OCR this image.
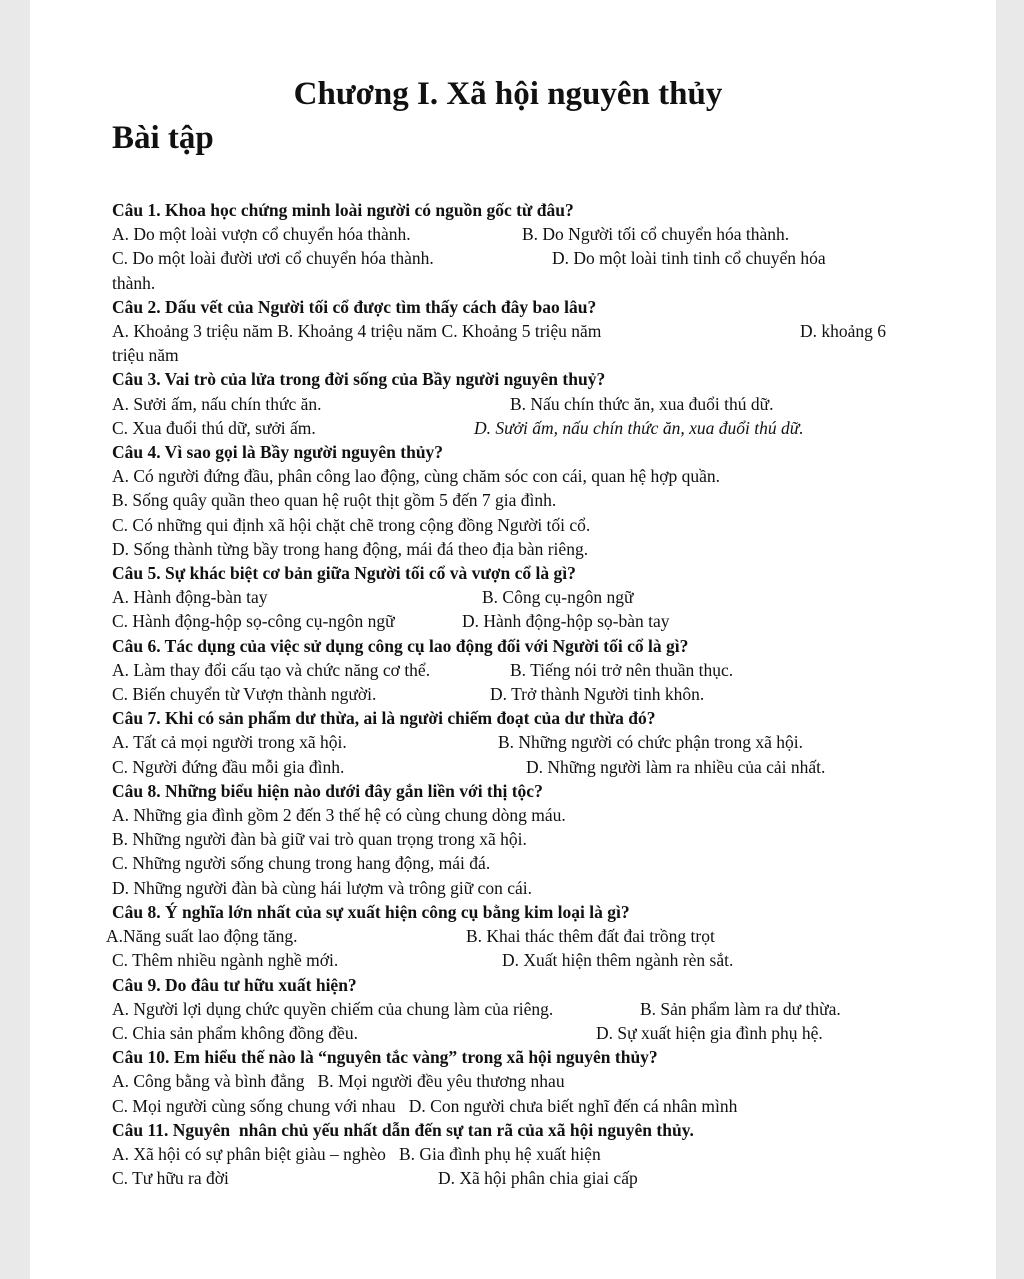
Chương I. Xã hội nguyên thủy
Bài tập
Câu 1. Khoa học chứng minh loài người có nguồn gốc từ đâu?
A. Do một loài vượn cổ chuyển hóa thành.	B. Do Người tối cổ chuyển hóa thành.
C. Do một loài đười ươi cổ chuyển hóa thành.	D. Do một loài tinh tinh cổ chuyển hóa
thành.
Câu 2. Dấu vết của Người tối cổ được tìm thấy cách đây bao lâu?
A. Khoảng 3 triệu năm B. Khoảng 4 triệu năm C. Khoảng 5 triệu năm	D. khoảng 6
triệu năm
Câu 3. Vai trò của lửa trong đời sống của Bầy người nguyên thuỷ?
A. Sưởi ấm, nấu chín thức ăn.	B. Nấu chín thức ăn, xua đuổi thú dữ.
C. Xua đuổi thú dữ, sưởi ấm.	D. Sưởi ấm, nấu chín thức ăn, xua đuổi thú dữ.
Câu 4. Vì sao gọi là Bầy người nguyên thủy?
A. Có người đứng đầu, phân công lao động, cùng chăm sóc con cái, quan hệ hợp quần.
B. Sống quây quần theo quan hệ ruột thịt gồm 5 đến 7 gia đình.
C. Có những qui định xã hội chặt chẽ trong cộng đồng Người tối cổ.
D. Sống thành từng bầy trong hang động, mái đá theo địa bàn riêng.
Câu 5. Sự khác biệt cơ bản giữa Người tối cổ và vượn cổ là gì?
A. Hành động-bàn tay	B. Công cụ-ngôn ngữ
C. Hành động-hộp sọ-công cụ-ngôn ngữ	D. Hành động-hộp sọ-bàn tay
Câu 6. Tác dụng của việc sử dụng công cụ lao động đối với Người tối cổ là gì?
A. Làm thay đổi cấu tạo và chức năng cơ thể.	B. Tiếng nói trở nên thuần thục.
C. Biến chuyển từ Vượn thành người.	D. Trở thành Người tinh khôn.
Câu 7. Khi có sản phẩm dư thừa, ai là người chiếm đoạt của dư thừa đó?
A. Tất cả mọi người trong xã hội.	B. Những người có chức phận trong xã hội.
C. Người đứng đầu mỗi gia đình.	D. Những người làm ra nhiều của cải nhất.
Câu 8. Những biểu hiện nào dưới đây gắn liền với thị tộc?
A. Những gia đình gồm 2 đến 3 thế hệ có cùng chung dòng máu.
B. Những người đàn bà giữ vai trò quan trọng trong xã hội.
C. Những người sống chung trong hang động, mái đá.
D. Những người đàn bà cùng hái lượm và trông giữ con cái.
Câu 8. Ý nghĩa lớn nhất của sự xuất hiện công cụ bằng kim loại là gì?
A.Năng suất lao động tăng.	B. Khai thác thêm đất đai trồng trọt
C. Thêm nhiều ngành nghề mới.	D. Xuất hiện thêm ngành rèn sắt.
Câu 9. Do đâu tư hữu xuất hiện?
A. Người lợi dụng chức quyền chiếm của chung làm của riêng.	B. Sản phẩm làm ra dư thừa.
C. Chia sản phẩm không đồng đều.	D. Sự xuất hiện gia đình phụ hệ.
Câu 10. Em hiểu thế nào là “nguyên tắc vàng” trong xã hội nguyên thủy?
A. Công bằng và bình đẳng   B. Mọi người đều yêu thương nhau
C. Mọi người cùng sống chung với nhau   D. Con người chưa biết nghĩ đến cá nhân mình
Câu 11. Nguyên  nhân chủ yếu nhất dẫn đến sự tan rã của xã hội nguyên thủy.
A. Xã hội có sự phân biệt giàu – nghèo   B. Gia đình phụ hệ xuất hiện
C. Tư hữu ra đời	D. Xã hội phân chia giai cấp
